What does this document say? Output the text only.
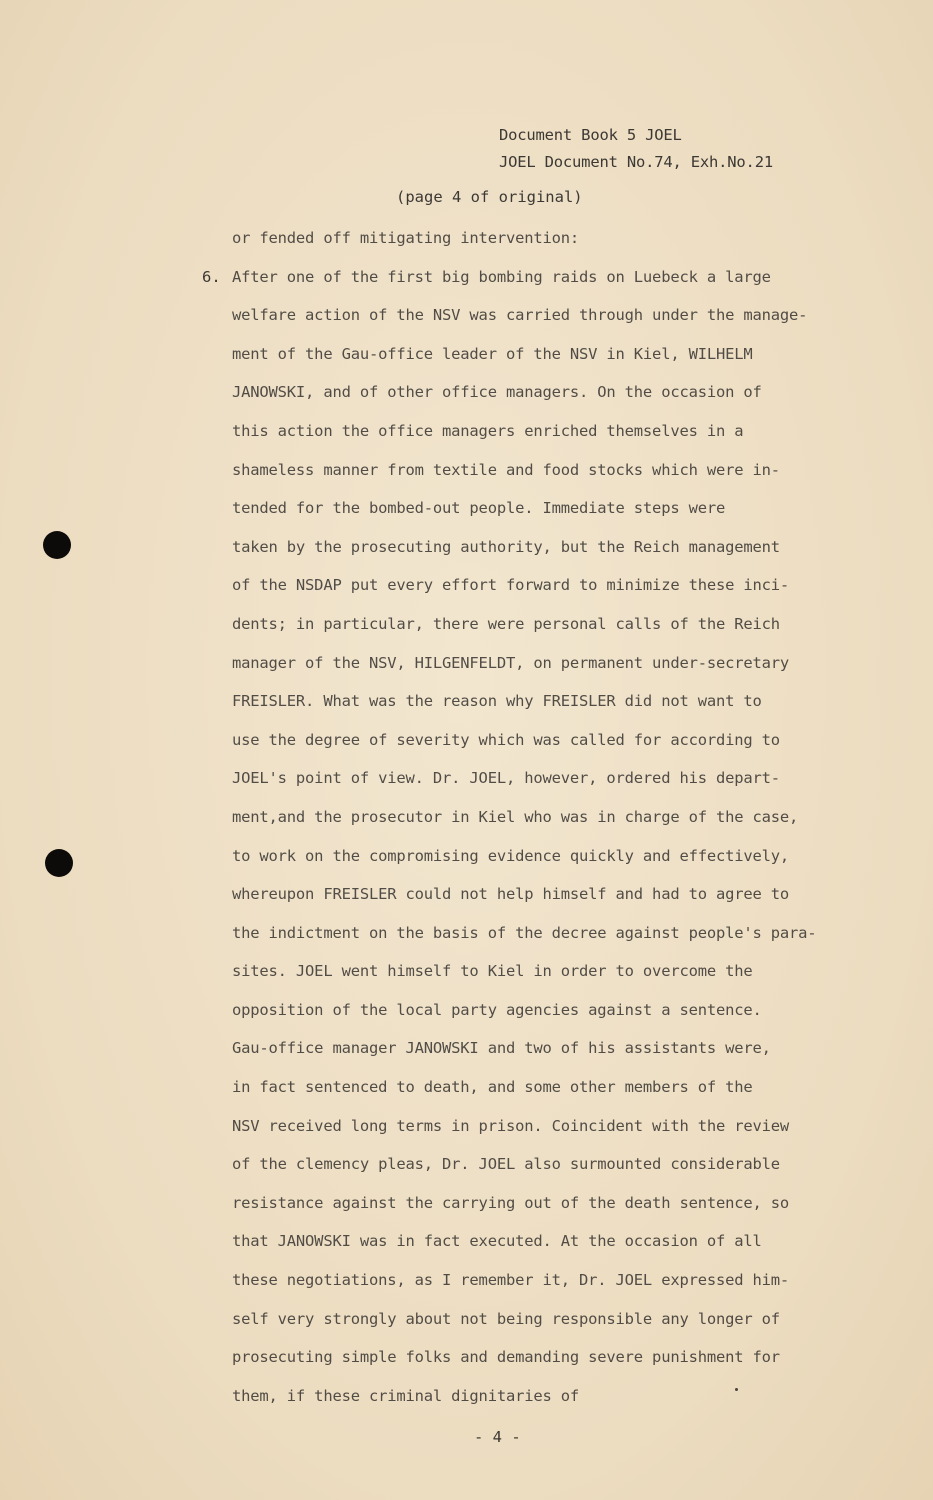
Document Book 5 JOEL
JOEL Document No.74, Exh.No.21
(page 4 of original)
6.
or fended off mitigating intervention:
After one of the first big bombing raids on Luebeck a large
welfare action of the NSV was carried through under the manage-
ment of the Gau-office leader of the NSV in Kiel, WILHELM
JANOWSKI, and of other office managers. On the occasion of
this action the office managers enriched themselves in a
shameless manner from textile and food stocks which were in-
tended for the bombed-out people. Immediate steps were
taken by the prosecuting authority, but the Reich management
of the NSDAP put every effort forward to minimize these inci-
dents; in particular, there were personal calls of the Reich
manager of the NSV, HILGENFELDT, on permanent under-secretary
FREISLER. What was the reason why FREISLER did not want to
use the degree of severity which was called for according to
JOEL's point of view. Dr. JOEL, however, ordered his depart-
ment,and the prosecutor in Kiel who was in charge of the case,
to work on the compromising evidence quickly and effectively,
whereupon FREISLER could not help himself and had to agree to
the indictment on the basis of the decree against people's para-
sites. JOEL went himself to Kiel in order to overcome the
opposition of the local party agencies against a sentence.
Gau-office manager JANOWSKI and two of his assistants were,
in fact sentenced to death, and some other members of the
NSV received long terms in prison. Coincident with the review
of the clemency pleas, Dr. JOEL also surmounted considerable
resistance against the carrying out of the death sentence, so
that JANOWSKI was in fact executed. At the occasion of all
these negotiations, as I remember it, Dr. JOEL expressed him-
self very strongly about not being responsible any longer of
prosecuting simple folks and demanding severe punishment for
them, if these criminal dignitaries of
- 4 -
